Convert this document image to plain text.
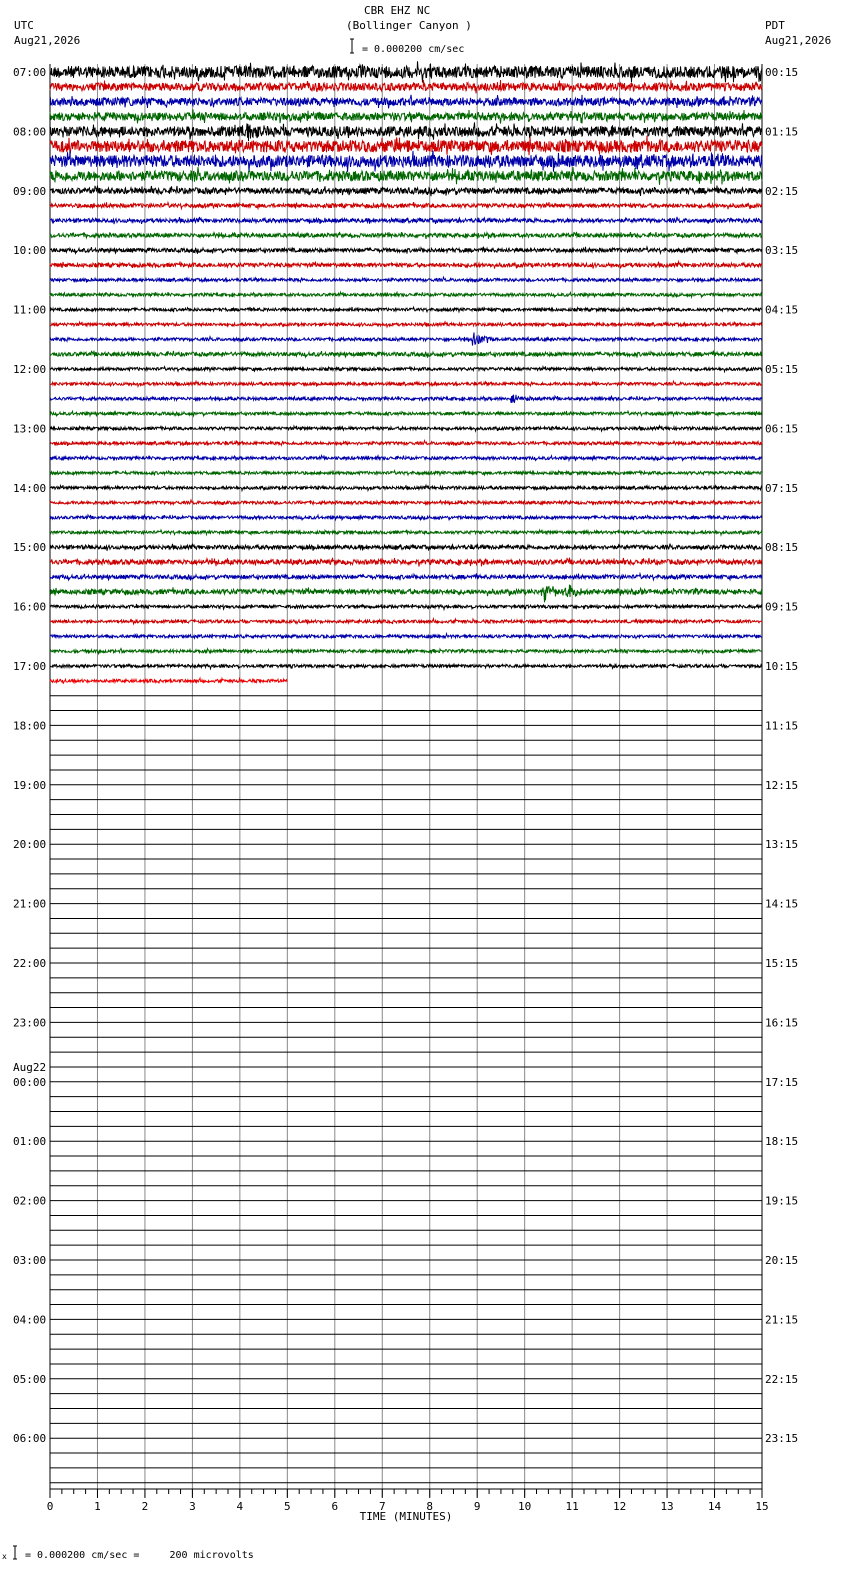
CBR EHZ NC
(Bollinger Canyon )
= 0.000200 cm/sec
UTC
Aug21,2026
PDT
Aug21,2026
= 0.000200 cm/sec =     200 microvolts
07:00
08:00
09:00
10:00
11:00
12:00
13:00
14:00
15:00
16:00
17:00
18:00
19:00
20:00
21:00
22:00
23:00
00:00
Aug22
01:00
02:00
03:00
04:00
05:00
06:00
00:15
01:15
02:15
03:15
04:15
05:15
06:15
07:15
08:15
09:15
10:15
11:15
12:15
13:15
14:15
15:15
16:15
17:15
18:15
19:15
20:15
21:15
22:15
23:15
0	1	2	3	4	5	6	7	8	9	10	11	12	13	14	15
TIME (MINUTES)
x
